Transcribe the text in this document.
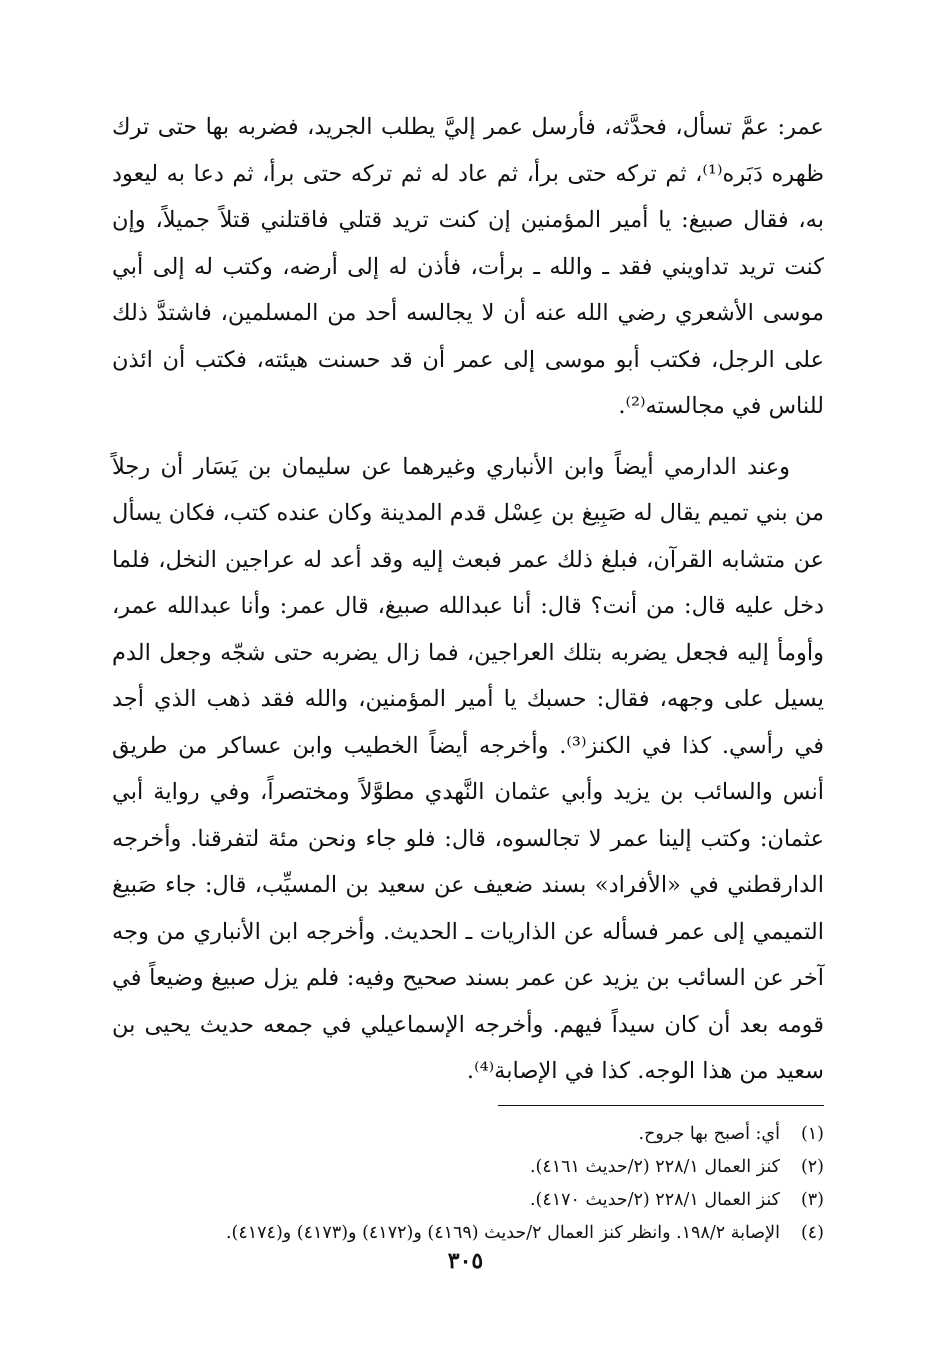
عمر: عمَّ تسأل، فحدَّثه، فأرسل عمر إليَّ يطلب الجريد، فضربه بها حتى ترك ظهره دَبَره⁽¹⁾، ثم تركه حتى برأ، ثم عاد له ثم تركه حتى برأ، ثم دعا به ليعود به، فقال صبيغ: يا أمير المؤمنين إن كنت تريد قتلي فاقتلني قتلاً جميلاً، وإن كنت تريد تداويني فقد ـ والله ـ برأت، فأذن له إلى أرضه، وكتب له إلى أبي موسى الأشعري رضي الله عنه أن لا يجالسه أحد من المسلمين، فاشتدَّ ذلك على الرجل، فكتب أبو موسى إلى عمر أن قد حسنت هيئته، فكتب أن ائذن للناس في مجالسته⁽²⁾.

وعند الدارمي أيضاً وابن الأنباري وغيرهما عن سليمان بن يَسَار أن رجلاً من بني تميم يقال له صَبِيغ بن عِسْل قدم المدينة وكان عنده كتب، فكان يسأل عن متشابه القرآن، فبلغ ذلك عمر فبعث إليه وقد أعد له عراجين النخل، فلما دخل عليه قال: من أنت؟ قال: أنا عبدالله صبيغ، قال عمر: وأنا عبدالله عمر، وأومأ إليه فجعل يضربه بتلك العراجين، فما زال يضربه حتى شجّه وجعل الدم يسيل على وجهه، فقال: حسبك يا أمير المؤمنين، والله فقد ذهب الذي أجد في رأسي. كذا في الكنز⁽³⁾. وأخرجه أيضاً الخطيب وابن عساكر من طريق أنس والسائب بن يزيد وأبي عثمان النَّهدي مطوَّلاً ومختصراً، وفي رواية أبي عثمان: وكتب إلينا عمر لا تجالسوه، قال: فلو جاء ونحن مئة لتفرقنا. وأخرجه الدارقطني في «الأفراد» بسند ضعيف عن سعيد بن المسيِّب، قال: جاء صَبيغ التميمي إلى عمر فسأله عن الذاريات ـ الحديث. وأخرجه ابن الأنباري من وجه آخر عن السائب بن يزيد عن عمر بسند صحيح وفيه: فلم يزل صبيغ وضيعاً في قومه بعد أن كان سيداً فيهم. وأخرجه الإسماعيلي في جمعه حديث يحيى بن سعيد من هذا الوجه. كذا في الإصابة⁽⁴⁾.

(١)
أي: أصبح بها جروح.
(٢)
كنز العمال ٢٢٨/١ (٢/حديث ٤١٦١).
(٣)
كنز العمال ٢٢٨/١ (٢/حديث ٤١٧٠).
(٤)
الإصابة ١٩٨/٢. وانظر كنز العمال ٢/حديث (٤١٦٩) و(٤١٧٢) و(٤١٧٣) و(٤١٧٤).
٣٠٥
